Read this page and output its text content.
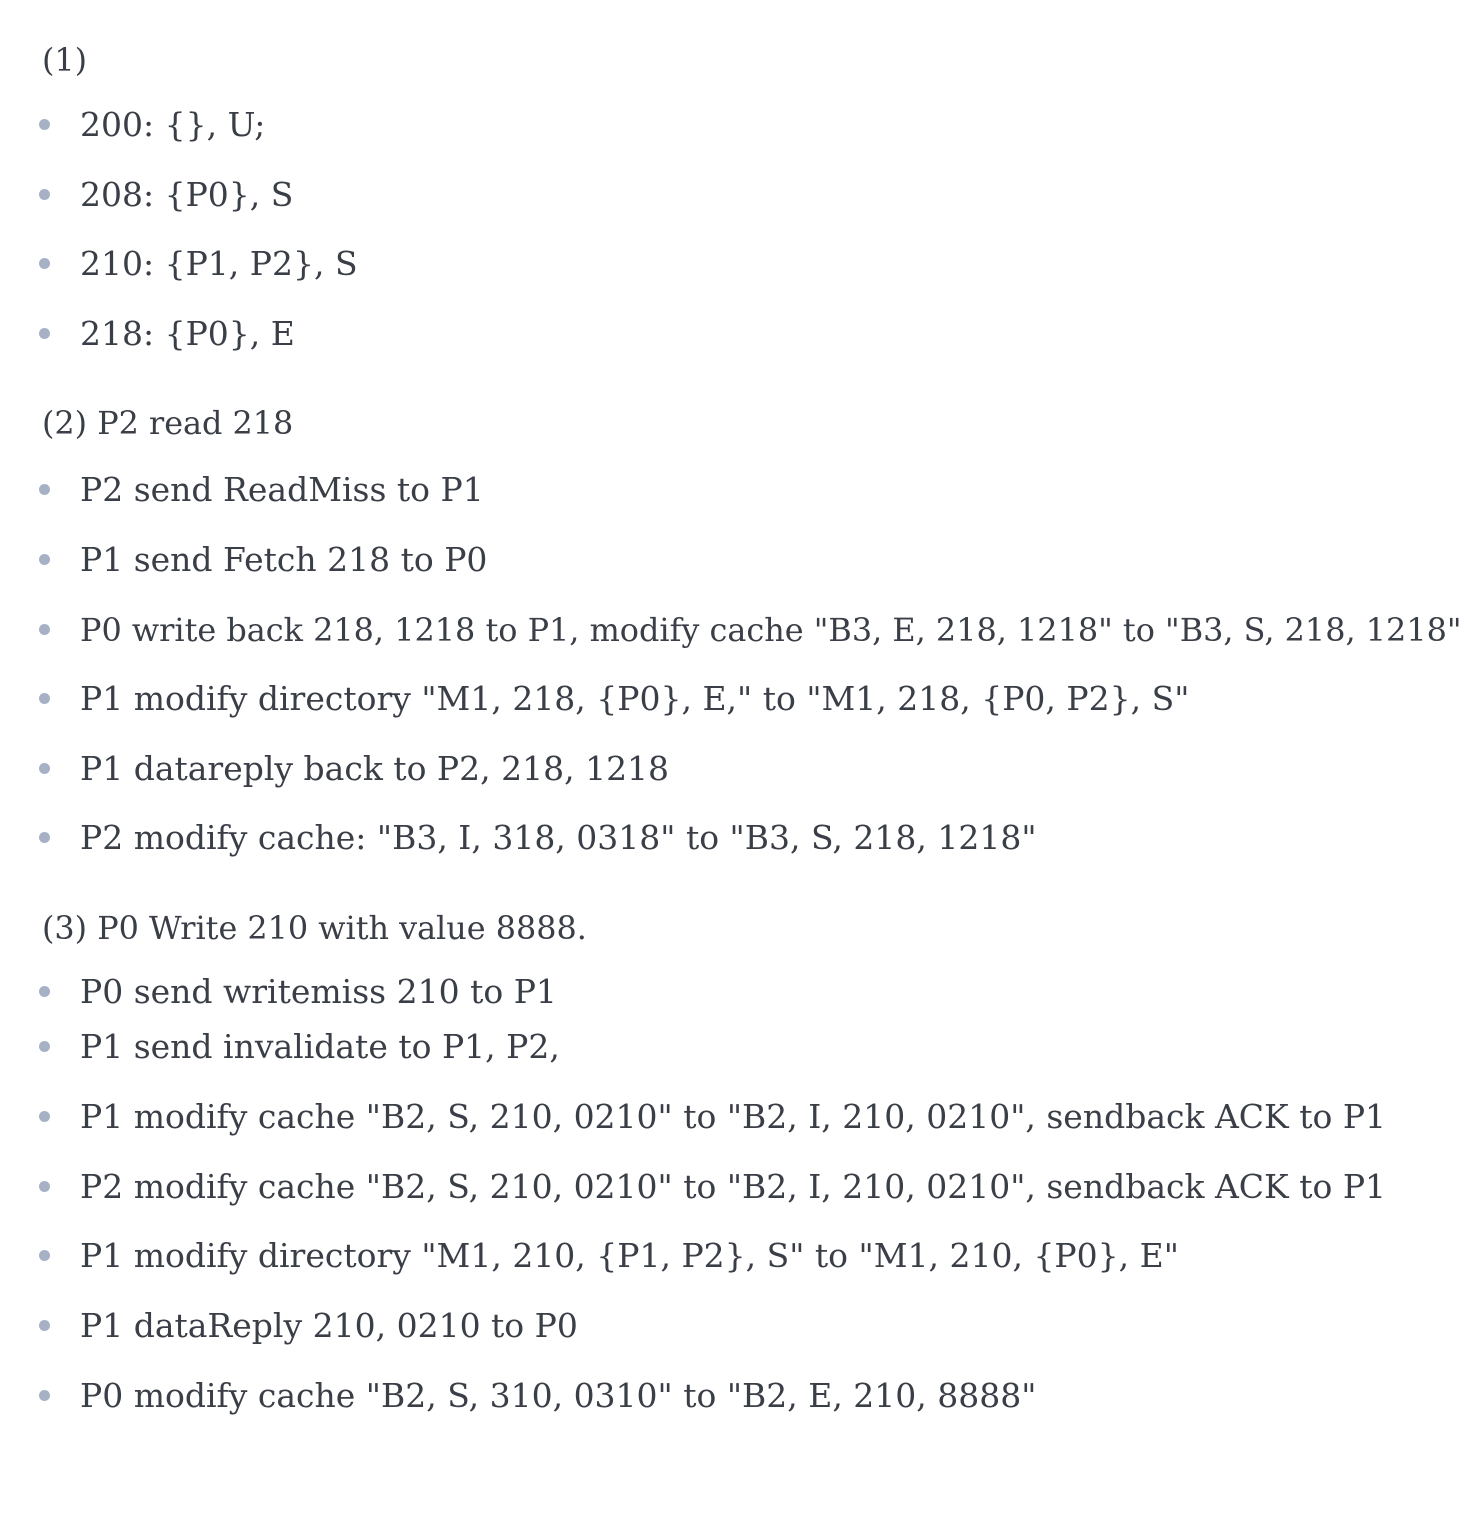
(1)

200: {}, U;
208: {P0}, S
210: {P1, P2}, S
218: {P0}, E

(2) P2 read 218

P2 send ReadMiss to P1
P1 send Fetch 218 to P0
P0 write back 218, 1218 to P1, modify cache "B3, E, 218, 1218" to "B3, S, 218, 1218"
P1 modify directory "M1, 218, {P0}, E," to "M1, 218, {P0, P2}, S"
P1 datareply back to P2, 218, 1218
P2 modify cache: "B3, I, 318, 0318" to "B3, S, 218, 1218"

(3) P0 Write 210 with value 8888.

P0 send writemiss 210 to P1
P1 send invalidate to P1, P2,
P1 modify cache "B2, S, 210, 0210" to "B2, I, 210, 0210", sendback ACK to P1
P2 modify cache "B2, S, 210, 0210" to "B2, I, 210, 0210", sendback ACK to P1
P1 modify directory "M1, 210, {P1, P2}, S" to "M1, 210, {P0}, E"
P1 dataReply 210, 0210 to P0
P0 modify cache "B2, S, 310, 0310" to "B2, E, 210, 8888"
